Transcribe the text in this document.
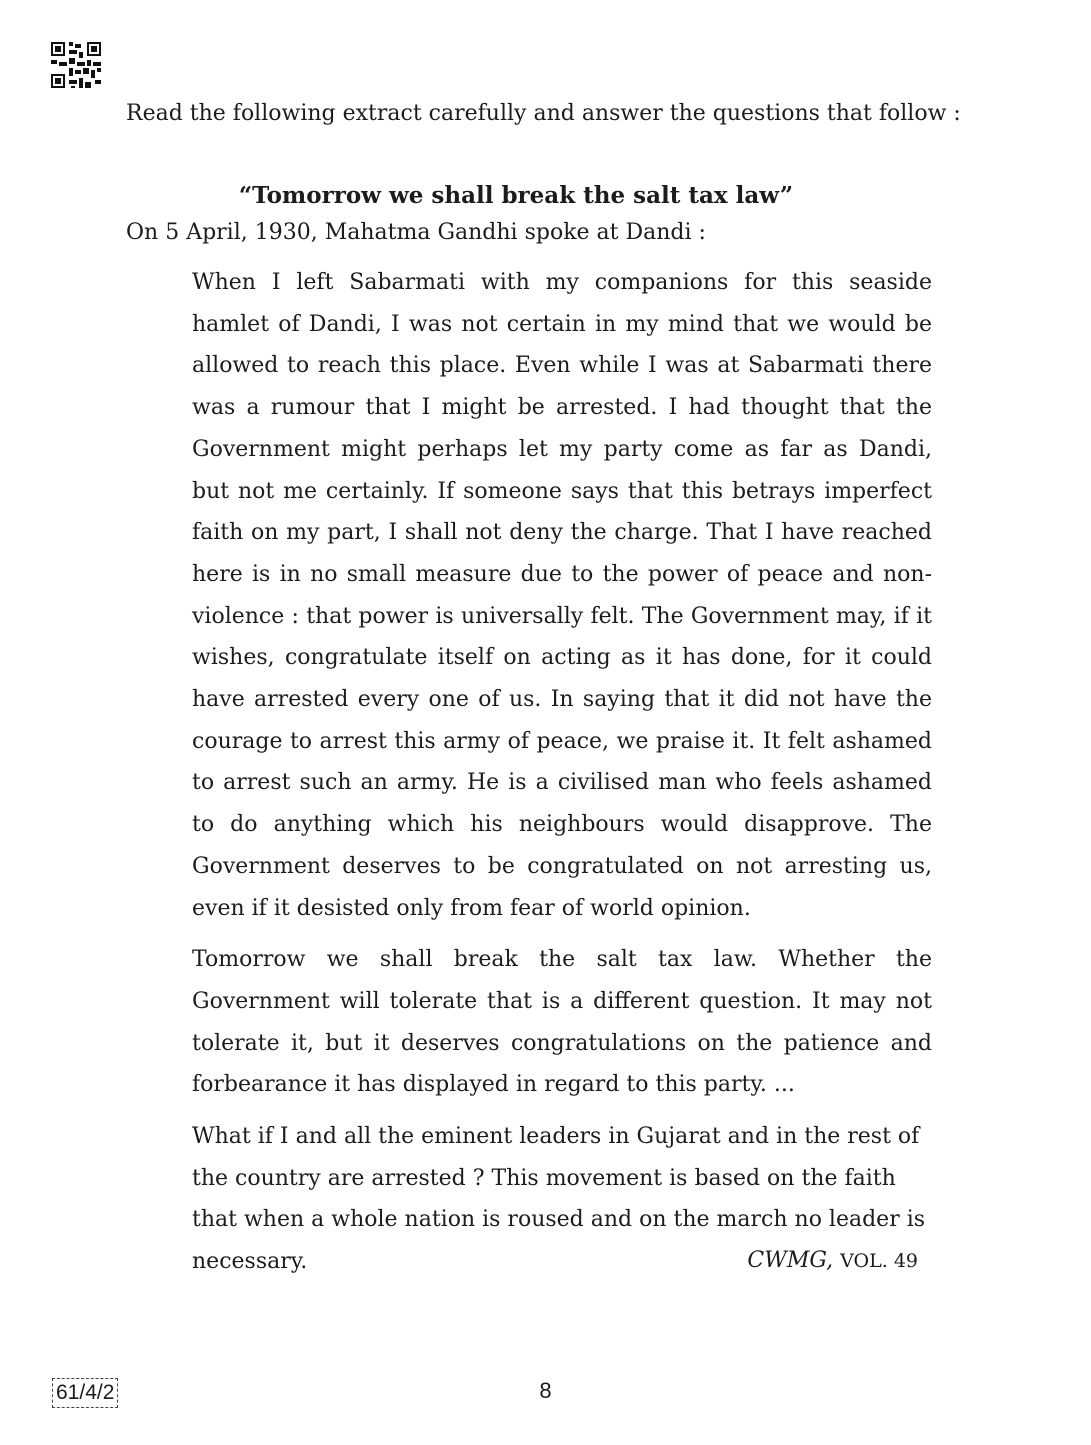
Read the following extract carefully and answer the questions that follow :

“Tomorrow we shall break the salt tax law”

On 5 April, 1930, Mahatma Gandhi spoke at Dandi :

When I left Sabarmati with my companions for this seaside hamlet of Dandi, I was not certain in my mind that we would be allowed to reach this place. Even while I was at Sabarmati there was a rumour that I might be arrested. I had thought that the Government might perhaps let my party come as far as Dandi, but not me certainly. If someone says that this betrays imperfect faith on my part, I shall not deny the charge. That I have reached here is in no small measure due to the power of peace and non-violence : that power is universally felt. The Government may, if it wishes, congratulate itself on acting as it has done, for it could have arrested every one of us. In saying that it did not have the courage to arrest this army of peace, we praise it. It felt ashamed to arrest such an army. He is a civilised man who feels ashamed to do anything which his neighbours would disapprove. The Government deserves to be congratulated on not arresting us, even if it desisted only from fear of world opinion.

Tomorrow we shall break the salt tax law. Whether the Government will tolerate that is a different question. It may not tolerate it, but it deserves congratulations on the patience and forbearance it has displayed in regard to this party. ...

What if I and all the eminent leaders in Gujarat and in the rest of the country are arrested ? This movement is based on the faith that when a whole nation is roused and on the march no leader is necessary.	CWMG, VOL. 49

61/4/2	8
